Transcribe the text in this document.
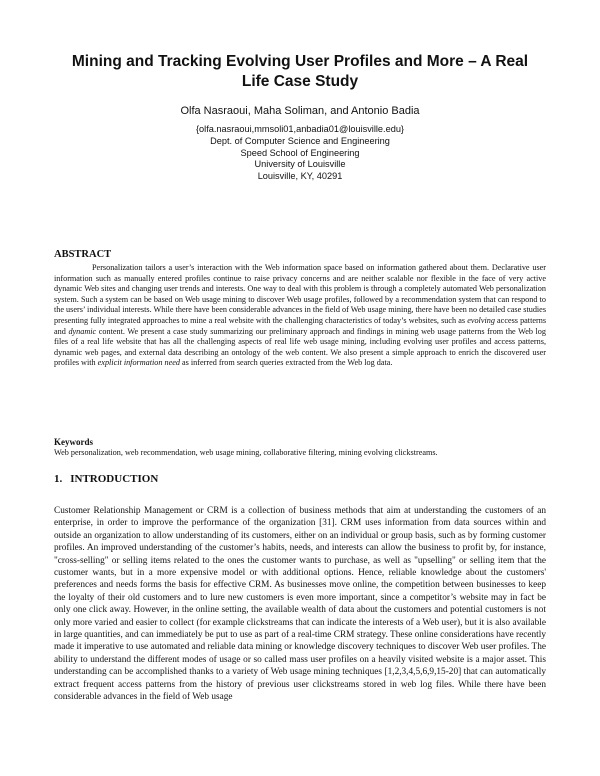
Mining and Tracking Evolving User Profiles and More – A Real Life Case Study

Olfa Nasraoui, Maha Soliman, and Antonio Badia

{olfa.nasraoui,mmsoli01,anbadia01@louisville.edu}
Dept. of Computer Science and Engineering
Speed School of Engineering
University of Louisville
Louisville, KY, 40291
ABSTRACT

Personalization tailors a user’s interaction with the Web information space based on information gathered about them. Declarative user information such as manually entered profiles continue to raise privacy concerns and are neither scalable nor flexible in the face of very active dynamic Web sites and changing user trends and interests. One way to deal with this problem is through a completely automated Web personalization system. Such a system can be based on Web usage mining to discover Web usage profiles, followed by a recommendation system that can respond to the users’ individual interests. While there have been considerable advances in the field of Web usage mining, there have been no detailed case studies presenting fully integrated approaches to mine a real website with the challenging characteristics of today’s websites, such as evolving access patterns and dynamic content. We present a case study summarizing our preliminary approach and findings in mining web usage patterns from the Web log files of a real life website that has all the challenging aspects of real life web usage mining, including evolving user profiles and access patterns, dynamic web pages, and external data describing an ontology of the web content. We also present a simple approach to enrich the discovered user profiles with explicit information need as inferred from search queries extracted from the Web log data.

Keywords

Web personalization, web recommendation, web usage mining, collaborative filtering, mining evolving clickstreams.

1. INTRODUCTION

Customer Relationship Management or CRM is a collection of business methods that aim at understanding the customers of an enterprise, in order to improve the performance of the organization [31]. CRM uses information from data sources within and outside an organization to allow understanding of its customers, either on an individual or group basis, such as by forming customer profiles. An improved understanding of the customer’s habits, needs, and interests can allow the business to profit by, for instance, "cross-selling" or selling items related to the ones the customer wants to purchase, as well as "upselling" or selling item that the customer wants, but in a more expensive model or with additional options. Hence, reliable knowledge about the customers' preferences and needs forms the basis for effective CRM. As businesses move online, the competition between businesses to keep the loyalty of their old customers and to lure new customers is even more important, since a competitor’s website may in fact be only one click away. However, in the online setting, the available wealth of data about the customers and potential customers is not only more varied and easier to collect (for example clickstreams that can indicate the interests of a Web user), but it is also available in large quantities, and can immediately be put to use as part of a real-time CRM strategy. These online considerations have recently made it imperative to use automated and reliable data mining or knowledge discovery techniques to discover Web user profiles. The ability to understand the different modes of usage or so called mass user profiles on a heavily visited website is a major asset. This understanding can be accomplished thanks to a variety of Web usage mining techniques [1,2,3,4,5,6,9,15-20] that can automatically extract frequent access patterns from the history of previous user clickstreams stored in web log files. While there have been considerable advances in the field of Web usage
